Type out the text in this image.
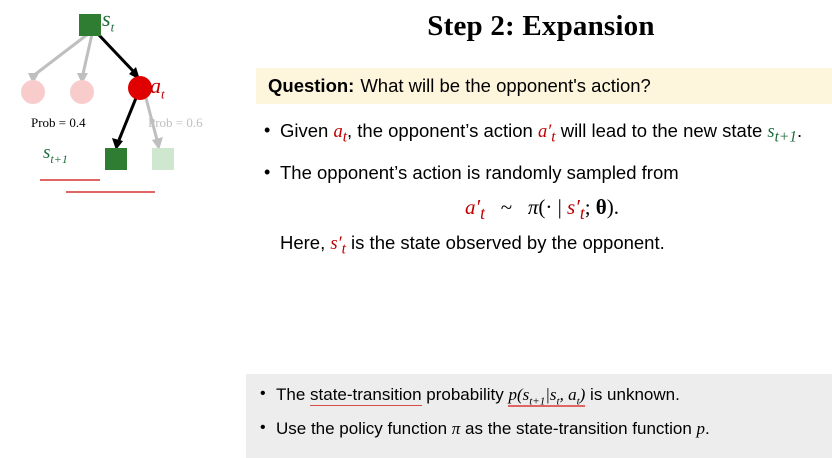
$s_t$
$a_t$
$s_{t+1}$
Prob = 0.4	Prob = 0.6
Step 2: Expansion
Question: What will be the opponent's action?
• Given $a_t$, the opponent’s action $a'_t$ will lead to the new state $s_{t+1}$.
• The opponent’s action is randomly sampled from
$a'_t$   ~   π(· | $s'_t$; θ).
Here, $s'_t$ is the state observed by the opponent.
• The state-transition probability $p(s_{t+1}|s_t$, $a_t$) is unknown.
• Use the policy function π as the state-transition function p.
